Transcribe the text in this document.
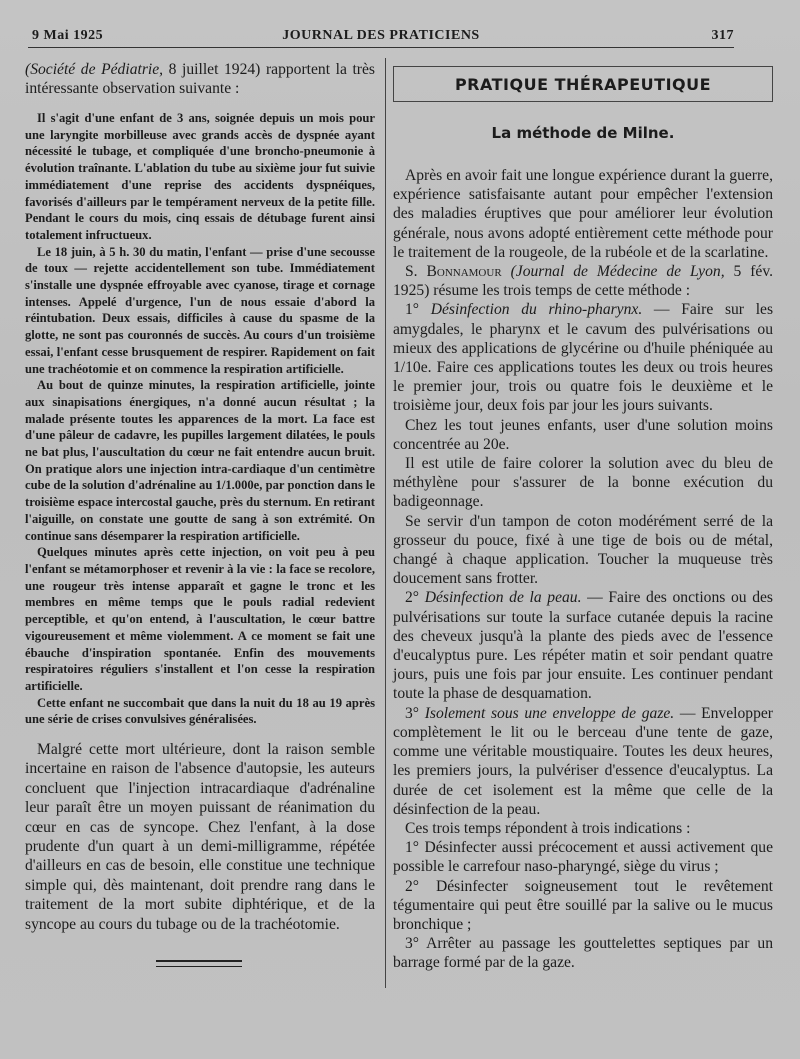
9 Mai 1925	JOURNAL DES PRATICIENS	317

(Société de Pédiatrie, 8 juillet 1924) rapportent la très intéressante observation suivante :

Il s'agit d'une enfant de 3 ans, soignée depuis un mois pour une laryngite morbilleuse avec grands accès de dyspnée ayant nécessité le tubage, et compliquée d'une broncho-pneumonie à évolution traînante. L'ablation du tube au sixième jour fut suivie immédiatement d'une reprise des accidents dyspnéiques, favorisés d'ailleurs par le tempérament nerveux de la petite fille. Pendant le cours du mois, cinq essais de détubage furent ainsi totalement infructueux.

Le 18 juin, à 5 h. 30 du matin, l'enfant — prise d'une secousse de toux — rejette accidentellement son tube. Immédiatement s'installe une dyspnée effroyable avec cyanose, tirage et cornage intenses. Appelé d'urgence, l'un de nous essaie d'abord la réintubation. Deux essais, difficiles à cause du spasme de la glotte, ne sont pas couronnés de succès. Au cours d'un troisième essai, l'enfant cesse brusquement de respirer. Rapidement on fait une trachéotomie et on commence la respiration artificielle.

Au bout de quinze minutes, la respiration artificielle, jointe aux sinapisations énergiques, n'a donné aucun résultat ; la malade présente toutes les apparences de la mort. La face est d'une pâleur de cadavre, les pupilles largement dilatées, le pouls ne bat plus, l'auscultation du cœur ne fait entendre aucun bruit. On pratique alors une injection intra-cardiaque d'un centimètre cube de la solution d'adrénaline au 1/1.000e, par ponction dans le troisième espace intercostal gauche, près du sternum. En retirant l'aiguille, on constate une goutte de sang à son extrémité. On continue sans désemparer la respiration artificielle.

Quelques minutes après cette injection, on voit peu à peu l'enfant se métamorphoser et revenir à la vie : la face se recolore, une rougeur très intense apparaît et gagne le tronc et les membres en même temps que le pouls radial redevient perceptible, et qu'on entend, à l'auscultation, le cœur battre vigoureusement et même violemment. A ce moment se fait une ébauche d'inspiration spontanée. Enfin des mouvements respiratoires réguliers s'installent et l'on cesse la respiration artificielle.

Cette enfant ne succombait que dans la nuit du 18 au 19 après une série de crises convulsives généralisées.

Malgré cette mort ultérieure, dont la raison semble incertaine en raison de l'absence d'autopsie, les auteurs concluent que l'injection intracardiaque d'adrénaline leur paraît être un moyen puissant de réanimation du cœur en cas de syncope. Chez l'enfant, à la dose prudente d'un quart à un demi-milligramme, répétée d'ailleurs en cas de besoin, elle constitue une technique simple qui, dès maintenant, doit prendre rang dans le traitement de la mort subite diphtérique, et de la syncope au cours du tubage ou de la trachéotomie.

PRATIQUE THÉRAPEUTIQUE
La méthode de Milne.

Après en avoir fait une longue expérience durant la guerre, expérience satisfaisante autant pour empêcher l'extension des maladies éruptives que pour améliorer leur évolution générale, nous avons adopté entièrement cette méthode pour le traitement de la rougeole, de la rubéole et de la scarlatine.

S. Bonnamour (Journal de Médecine de Lyon, 5 fév. 1925) résume les trois temps de cette méthode :

1° Désinfection du rhino-pharynx. — Faire sur les amygdales, le pharynx et le cavum des pulvérisations ou mieux des applications de glycérine ou d'huile phéniquée au 1/10e. Faire ces applications toutes les deux ou trois heures le premier jour, trois ou quatre fois le deuxième et le troisième jour, deux fois par jour les jours suivants.

Chez les tout jeunes enfants, user d'une solution moins concentrée au 20e.

Il est utile de faire colorer la solution avec du bleu de méthylène pour s'assurer de la bonne exécution du badigeonnage.

Se servir d'un tampon de coton modérément serré de la grosseur du pouce, fixé à une tige de bois ou de métal, changé à chaque application. Toucher la muqueuse très doucement sans frotter.

2° Désinfection de la peau. — Faire des onctions ou des pulvérisations sur toute la surface cutanée depuis la racine des cheveux jusqu'à la plante des pieds avec de l'essence d'eucalyptus pure. Les répéter matin et soir pendant quatre jours, puis une fois par jour ensuite. Les continuer pendant toute la phase de desquamation.

3° Isolement sous une enveloppe de gaze. — Envelopper complètement le lit ou le berceau d'une tente de gaze, comme une véritable moustiquaire. Toutes les deux heures, les premiers jours, la pulvériser d'essence d'eucalyptus. La durée de cet isolement est la même que celle de la désinfection de la peau.

Ces trois temps répondent à trois indications :

1° Désinfecter aussi précocement et aussi activement que possible le carrefour naso-pharyngé, siège du virus ;

2° Désinfecter soigneusement tout le revêtement tégumentaire qui peut être souillé par la salive ou le mucus bronchique ;

3° Arrêter au passage les gouttelettes septiques par un barrage formé par de la gaze.
